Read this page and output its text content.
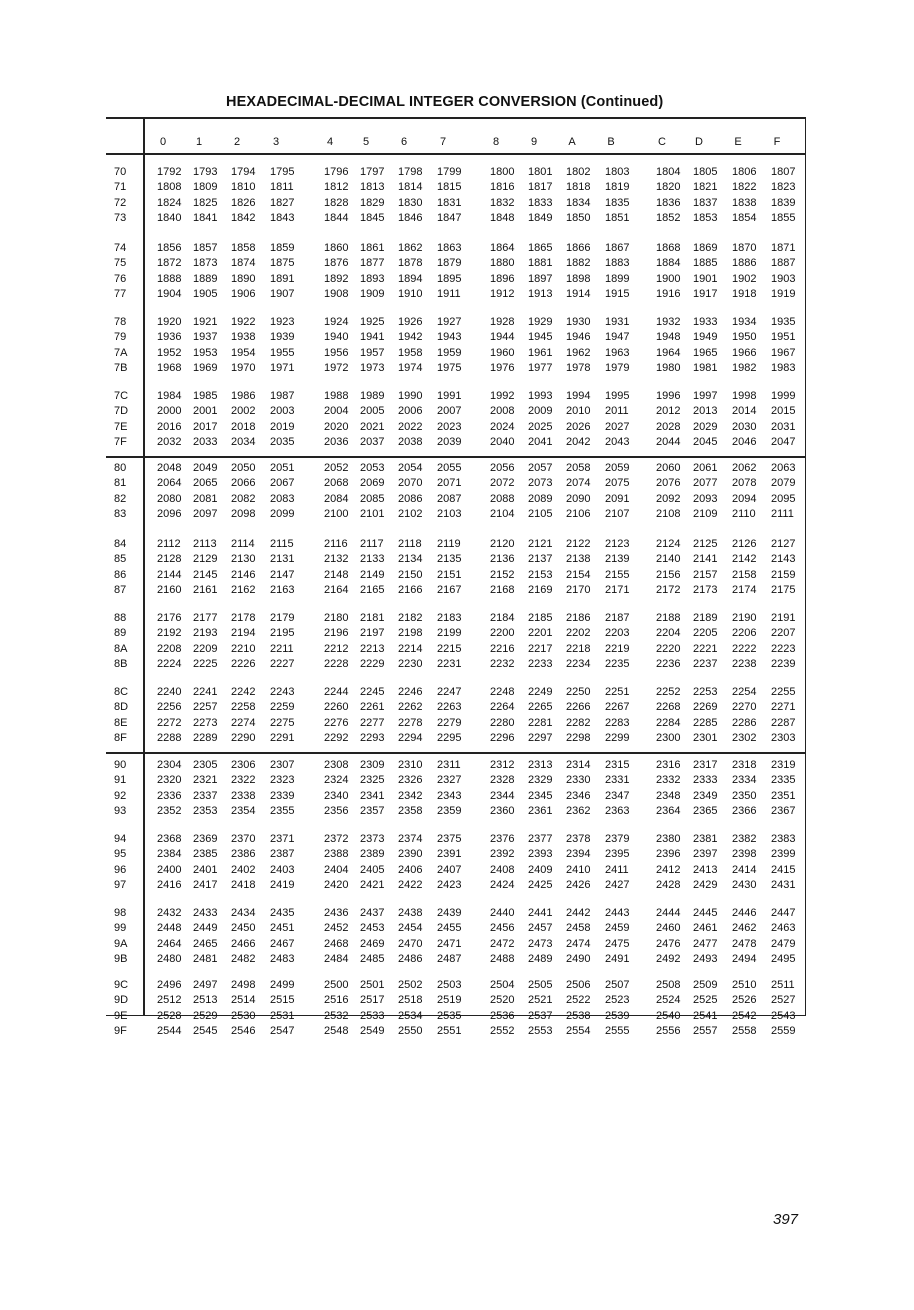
HEXADECIMAL-DECIMAL INTEGER CONVERSION (Continued)
0	1	2	3	4	5	6	7	8	9	A	B	C	D	E	F
70	1792 1793 1794 1795	1796 1797 1798 1799	1800 1801 1802 1803 1804 1805 1806 1807
71	1808 1809 1810 1811	1812 1813 1814 1815	1816 1817 1818 1819 1820 1821 1822 1823
72	1824 1825 1826 1827	1828 1829 1830 1831	1832 1833 1834 1835 1836 1837 1838 1839
73	1840 1841 1842 1843	1844 1845 1846 1847	1848 1849 1850 1851 1852 1853 1854 1855
74	1856 1857 1858 1859	1860 1861 1862 1863	1864 1865 1866 1867 1868 1869 1870 1871
75	1872 1873 1874 1875	1876 1877 1878 1879	1880 1881 1882 1883 1884 1885 1886 1887
76	1888 1889 1890 1891	1892 1893 1894 1895	1896 1897 1898 1899 1900 1901 1902 1903
77	1904 1905 1906 1907	1908 1909 1910 1911	1912 1913 1914 1915 1916 1917 1918 1919
78	1920 1921 1922 1923	1924 1925 1926 1927	1928 1929 1930 1931 1932 1933 1934 1935
79	1936 1937 1938 1939	1940 1941 1942 1943	1944 1945 1946 1947 1948 1949 1950 1951
7A	1952 1953 1954 1955	1956 1957 1958 1959	1960 1961 1962 1963 1964 1965 1966 1967
7B	1968 1969 1970 1971	1972 1973 1974 1975	1976 1977 1978 1979 1980 1981 1982 1983
7C	1984 1985 1986 1987	1988 1989 1990 1991	1992 1993 1994 1995 1996 1997 1998 1999
7D	2000 2001 2002 2003	2004 2005 2006 2007	2008 2009 2010 2011 2012 2013 2014 2015
7E	2016 2017 2018 2019	2020 2021 2022 2023	2024 2025 2026 2027 2028 2029 2030 2031
7F	2032 2033 2034 2035	2036 2037 2038 2039	2040 2041 2042 2043 2044 2045 2046 2047
80	2048 2049 2050 2051	2052 2053 2054 2055	2056 2057 2058 2059 2060 2061 2062 2063
81	2064 2065 2066 2067	2068 2069 2070 2071	2072 2073 2074 2075 2076 2077 2078 2079
82	2080 2081 2082 2083	2084 2085 2086 2087	2088 2089 2090 2091 2092 2093 2094 2095
83	2096 2097 2098 2099	2100 2101 2102 2103	2104 2105 2106 2107 2108 2109 2110 2111
84	2112 2113 2114 2115	2116 2117 2118 2119	2120 2121 2122 2123 2124 2125 2126 2127
85	2128 2129 2130 2131	2132 2133 2134 2135	2136 2137 2138 2139 2140 2141 2142 2143
86	2144 2145 2146 2147	2148 2149 2150 2151	2152 2153 2154 2155 2156 2157 2158 2159
87	2160 2161 2162 2163	2164 2165 2166 2167	2168 2169 2170 2171 2172 2173 2174 2175
88	2176 2177 2178 2179	2180 2181 2182 2183	2184 2185 2186 2187 2188 2189 2190 2191
89	2192 2193 2194 2195	2196 2197 2198 2199	2200 2201 2202 2203 2204 2205 2206 2207
8A	2208 2209 2210 2211	2212 2213 2214 2215	2216 2217 2218 2219 2220 2221 2222 2223
8B	2224 2225 2226 2227	2228 2229 2230 2231	2232 2233 2234 2235 2236 2237 2238 2239
8C	2240 2241 2242 2243	2244 2245 2246 2247	2248 2249 2250 2251 2252 2253 2254 2255
8D	2256 2257 2258 2259	2260 2261 2262 2263	2264 2265 2266 2267 2268 2269 2270 2271
8E	2272 2273 2274 2275	2276 2277 2278 2279	2280 2281 2282 2283 2284 2285 2286 2287
8F	2288 2289 2290 2291	2292 2293 2294 2295	2296 2297 2298 2299 2300 2301 2302 2303
90	2304 2305 2306 2307	2308 2309 2310 2311	2312 2313 2314 2315 2316 2317 2318 2319
91	2320 2321 2322 2323	2324 2325 2326 2327	2328 2329 2330 2331 2332 2333 2334 2335
92	2336 2337 2338 2339	2340 2341 2342 2343	2344 2345 2346 2347 2348 2349 2350 2351
93	2352 2353 2354 2355	2356 2357 2358 2359	2360 2361 2362 2363 2364 2365 2366 2367
94	2368 2369 2370 2371	2372 2373 2374 2375	2376 2377 2378 2379 2380 2381 2382 2383
95	2384 2385 2386 2387	2388 2389 2390 2391	2392 2393 2394 2395 2396 2397 2398 2399
96	2400 2401 2402 2403	2404 2405 2406 2407	2408 2409 2410 2411 2412 2413 2414 2415
97	2416 2417 2418 2419	2420 2421 2422 2423	2424 2425 2426 2427 2428 2429 2430 2431
98	2432 2433 2434 2435	2436 2437 2438 2439	2440 2441 2442 2443 2444 2445 2446 2447
99	2448 2449 2450 2451	2452 2453 2454 2455	2456 2457 2458 2459 2460 2461 2462 2463
9A	2464 2465 2466 2467	2468 2469 2470 2471	2472 2473 2474 2475 2476 2477 2478 2479
9B	2480 2481 2482 2483	2484 2485 2486 2487	2488 2489 2490 2491 2492 2493 2494 2495
9C	2496 2497 2498 2499	2500 2501 2502 2503	2504 2505 2506 2507 2508 2509 2510 2511
9D	2512 2513 2514 2515	2516 2517 2518 2519	2520 2521 2522 2523 2524 2525 2526 2527
9E	2528 2529 2530 2531	2532 2533 2534 2535	2536 2537 2538 2539 2540 2541 2542 2543
9F	2544 2545 2546 2547	2548 2549 2550 2551	2552 2553 2554 2555 2556 2557 2558 2559
397
